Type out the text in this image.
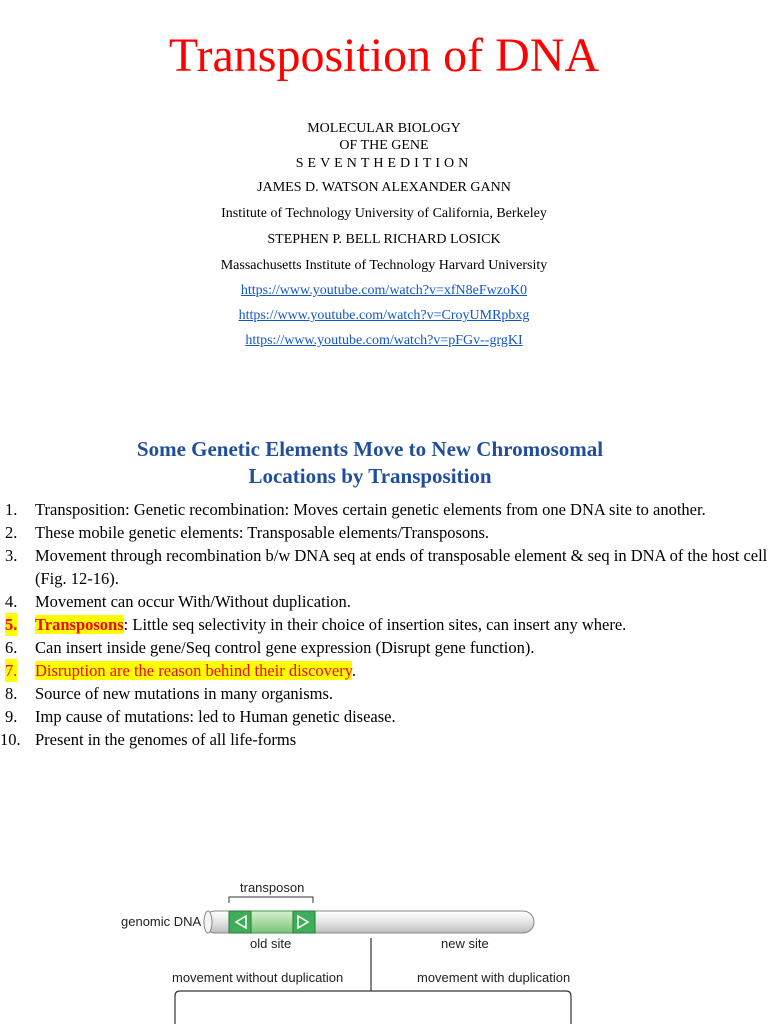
Transposition of DNA
MOLECULAR BIOLOGY
OF THE GENE
SEVENTHEDITION
JAMES D. WATSON ALEXANDER GANN
Institute of Technology University of California, Berkeley
STEPHEN P. BELL RICHARD LOSICK
Massachusetts Institute of Technology Harvard University
https://www.youtube.com/watch?v=xfN8eFwzoK0
https://www.youtube.com/watch?v=CroyUMRpbxg
https://www.youtube.com/watch?v=pFGv--grgKI
Some Genetic Elements Move to New Chromosomal
Locations by Transposition
1. Transposition: Genetic recombination: Moves certain genetic elements from one DNA site to another.
2. These mobile genetic elements: Transposable elements/Transposons.
3. Movement through recombination b/w DNA seq at ends of transposable element & seq in DNA of the host cell (Fig. 12-16).
4. Movement can occur With/Without duplication.
5. Transposons: Little seq selectivity in their choice of insertion sites, can insert any where.
6. Can insert inside gene/Seq control gene expression (Disrupt gene function).
7. Disruption are the reason behind their discovery.
8. Source of new mutations in many organisms.
9. Imp cause of mutations: led to Human genetic disease.
10. Present in the genomes of all life-forms
transposon
genomic DNA
old site	new site
movement without duplication	movement with duplication
